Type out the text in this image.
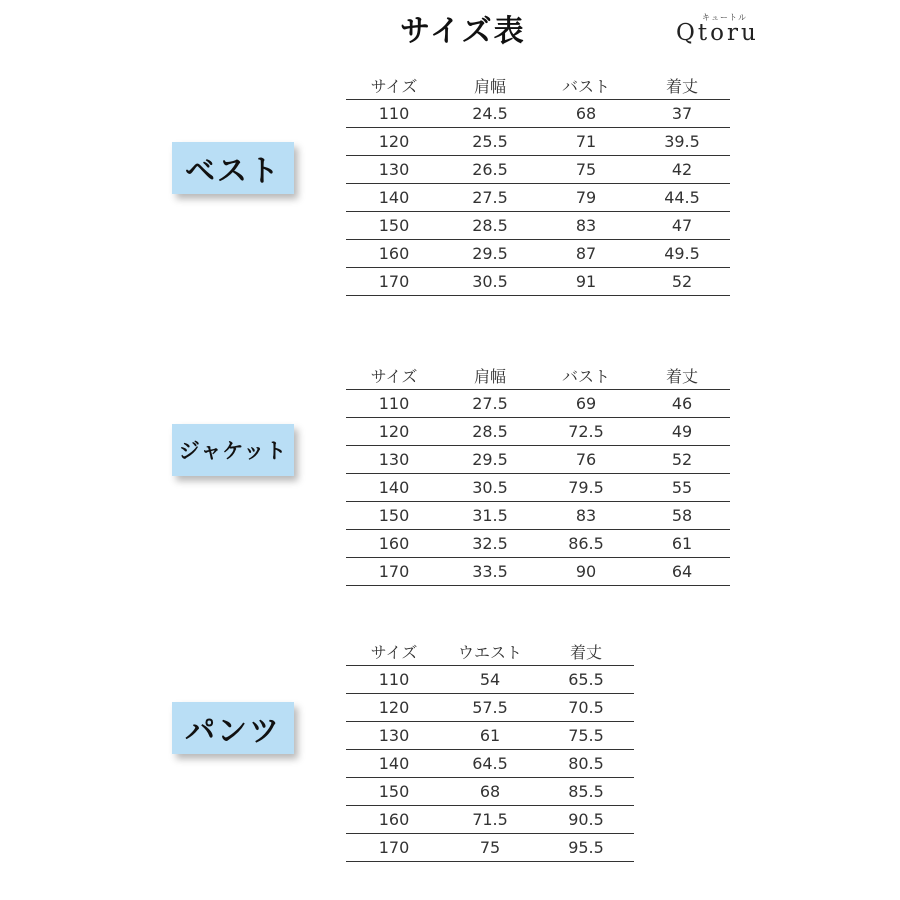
サイズ表	キュートル
Qtoru
ベスト
サイズ	肩幅	バスト	着丈
110	24.5	68	37
120	25.5	71	39.5
130	26.5	75	42
140	27.5	79	44.5
150	28.5	83	47
160	29.5	87	49.5
170	30.5	91	52
ジャケット
サイズ	肩幅	バスト	着丈
110	27.5	69	46
120	28.5	72.5	49
130	29.5	76	52
140	30.5	79.5	55
150	31.5	83	58
160	32.5	86.5	61
170	33.5	90	64
パンツ
サイズ	ウエスト	着丈
110	54	65.5
120	57.5	70.5
130	61	75.5
140	64.5	80.5
150	68	85.5
160	71.5	90.5
170	75	95.5
